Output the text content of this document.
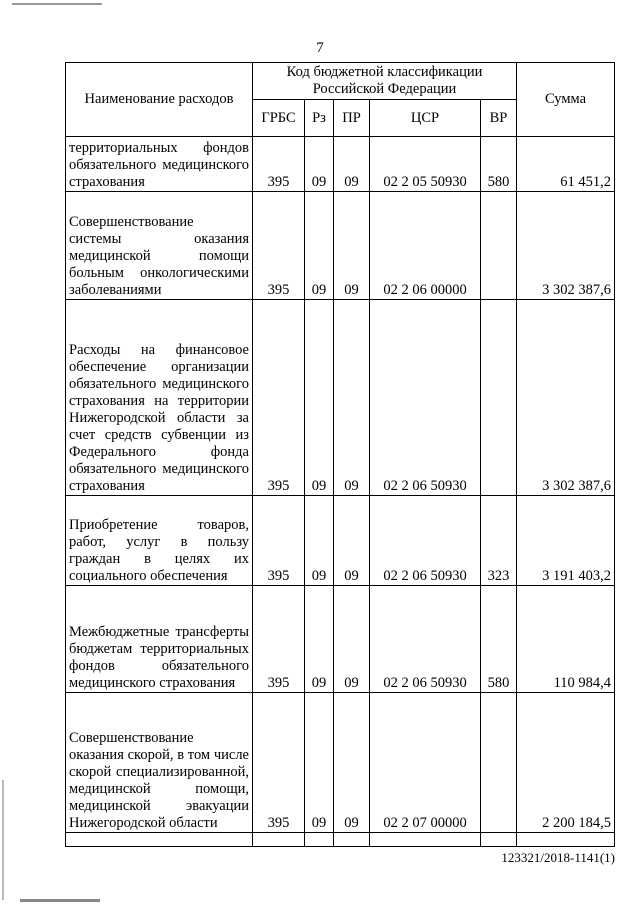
7
Наименование расходов	Код бюджетной классификации Российской Федерации					Сумма
	ГРБС	Рз	ПР	ЦСР	ВР	
территориальных фондов обязательного медицинского страхования	395	09	09	02 2 05 50930	580	61 451,2
Совершенствование системы оказания медицинской помощи больным онкологическими заболеваниями	395	09	09	02 2 06 00000		3 302 387,6
Расходы на финансовое обеспечение организации обязательного медицинского страхования на территории Нижегородской области за счет средств субвенции из Федерального фонда обязательного медицинского страхования	395	09	09	02 2 06 50930		3 302 387,6
Приобретение товаров, работ, услуг в пользу граждан в целях их социального обеспечения	395	09	09	02 2 06 50930	323	3 191 403,2
Межбюджетные трансферты бюджетам территориальных фондов обязательного медицинского страхования	395	09	09	02 2 06 50930	580	110 984,4
Совершенствование оказания скорой, в том числе скорой специализированной, медицинской помощи, медицинской эвакуации Нижегородской области	395	09	09	02 2 07 00000		2 200 184,5

123321/2018-1141(1)
